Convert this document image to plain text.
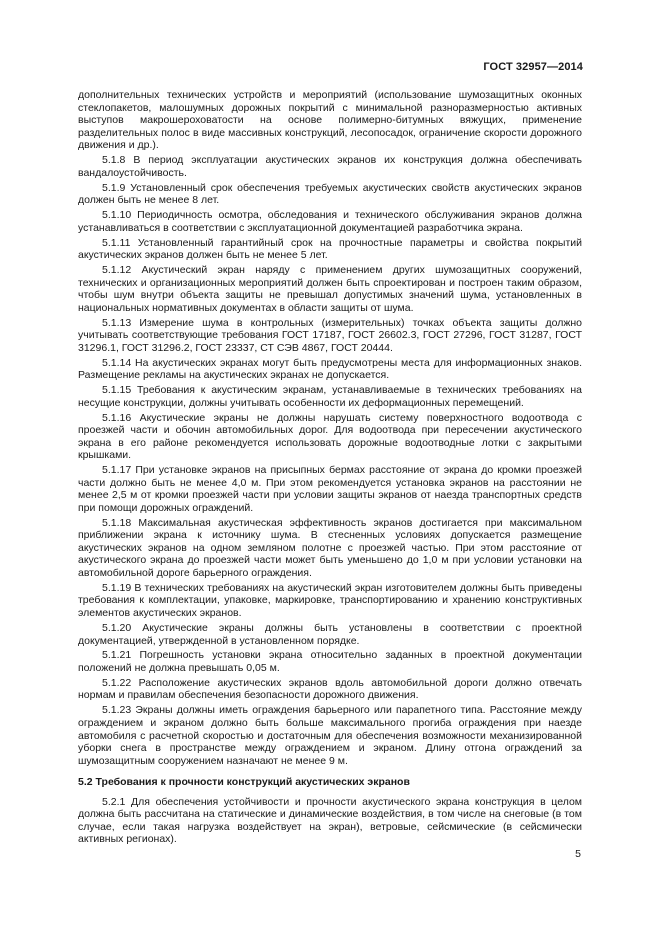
ГОСТ 32957—2014

дополнительных технических устройств и мероприятий (использование шумозащитных оконных стеклопакетов, малошумных дорожных покрытий с минимальной разноразмерностью активных выступов макрошероховатости на основе полимерно-битумных вяжущих, применение разделительных полос в виде массивных конструкций, лесопосадок, ограничение скорости дорожного движения и др.).

5.1.8 В период эксплуатации акустических экранов их конструкция должна обеспечивать вандалоустойчивость.

5.1.9 Установленный срок обеспечения требуемых акустических свойств акустических экранов должен быть не менее 8 лет.

5.1.10 Периодичность осмотра, обследования и технического обслуживания экранов должна устанавливаться в соответствии с эксплуатационной документацией разработчика экрана.

5.1.11 Установленный гарантийный срок на прочностные параметры и свойства покрытий акустических экранов должен быть не менее 5 лет.

5.1.12 Акустический экран наряду с применением других шумозащитных сооружений, технических и организационных мероприятий должен быть спроектирован и построен таким образом, чтобы шум внутри объекта защиты не превышал допустимых значений шума, установленных в национальных нормативных документах в области защиты от шума.

5.1.13 Измерение шума в контрольных (измерительных) точках объекта защиты должно учитывать соответствующие требования ГОСТ 17187, ГОСТ 26602.3, ГОСТ 27296, ГОСТ 31287, ГОСТ 31296.1, ГОСТ 31296.2, ГОСТ 23337, СТ СЭВ 4867, ГОСТ 20444.

5.1.14 На акустических экранах могут быть предусмотрены места для информационных знаков. Размещение рекламы на акустических экранах не допускается.

5.1.15 Требования к акустическим экранам, устанавливаемые в технических требованиях на несущие конструкции, должны учитывать особенности их деформационных перемещений.

5.1.16 Акустические экраны не должны нарушать систему поверхностного водоотвода с проезжей части и обочин автомобильных дорог. Для водоотвода при пересечении акустического экрана в его районе рекомендуется использовать дорожные водоотводные лотки с закрытыми крышками.

5.1.17 При установке экранов на присыпных бермах расстояние от экрана до кромки проезжей части должно быть не менее 4,0 м. При этом рекомендуется установка экранов на расстоянии не менее 2,5 м от кромки проезжей части при условии защиты экранов от наезда транспортных средств при помощи дорожных ограждений.

5.1.18 Максимальная акустическая эффективность экранов достигается при максимальном приближении экрана к источнику шума. В стесненных условиях допускается размещение акустических экранов на одном земляном полотне с проезжей частью. При этом расстояние от акустического экрана до проезжей части может быть уменьшено до 1,0 м при условии установки на автомобильной дороге барьерного ограждения.

5.1.19 В технических требованиях на акустический экран изготовителем должны быть приведены требования к комплектации, упаковке, маркировке, транспортированию и хранению конструктивных элементов акустических экранов.

5.1.20 Акустические экраны должны быть установлены в соответствии с проектной документацией, утвержденной в установленном порядке.

5.1.21 Погрешность установки экрана относительно заданных в проектной документации положений не должна превышать 0,05 м.

5.1.22 Расположение акустических экранов вдоль автомобильной дороги должно отвечать нормам и правилам обеспечения безопасности дорожного движения.

5.1.23 Экраны должны иметь ограждения барьерного или парапетного типа. Расстояние между ограждением и экраном должно быть больше максимального прогиба ограждения при наезде автомобиля с расчетной скоростью и достаточным для обеспечения возможности механизированной уборки снега в пространстве между ограждением и экраном. Длину отгона ограждений за шумозащитным сооружением назначают не менее 9 м.

5.2 Требования к прочности конструкций акустических экранов

5.2.1 Для обеспечения устойчивости и прочности акустического экрана конструкция в целом должна быть рассчитана на статические и динамические воздействия, в том числе на снеговые (в том случае, если такая нагрузка воздействует на экран), ветровые, сейсмические (в сейсмически активных регионах).

5
